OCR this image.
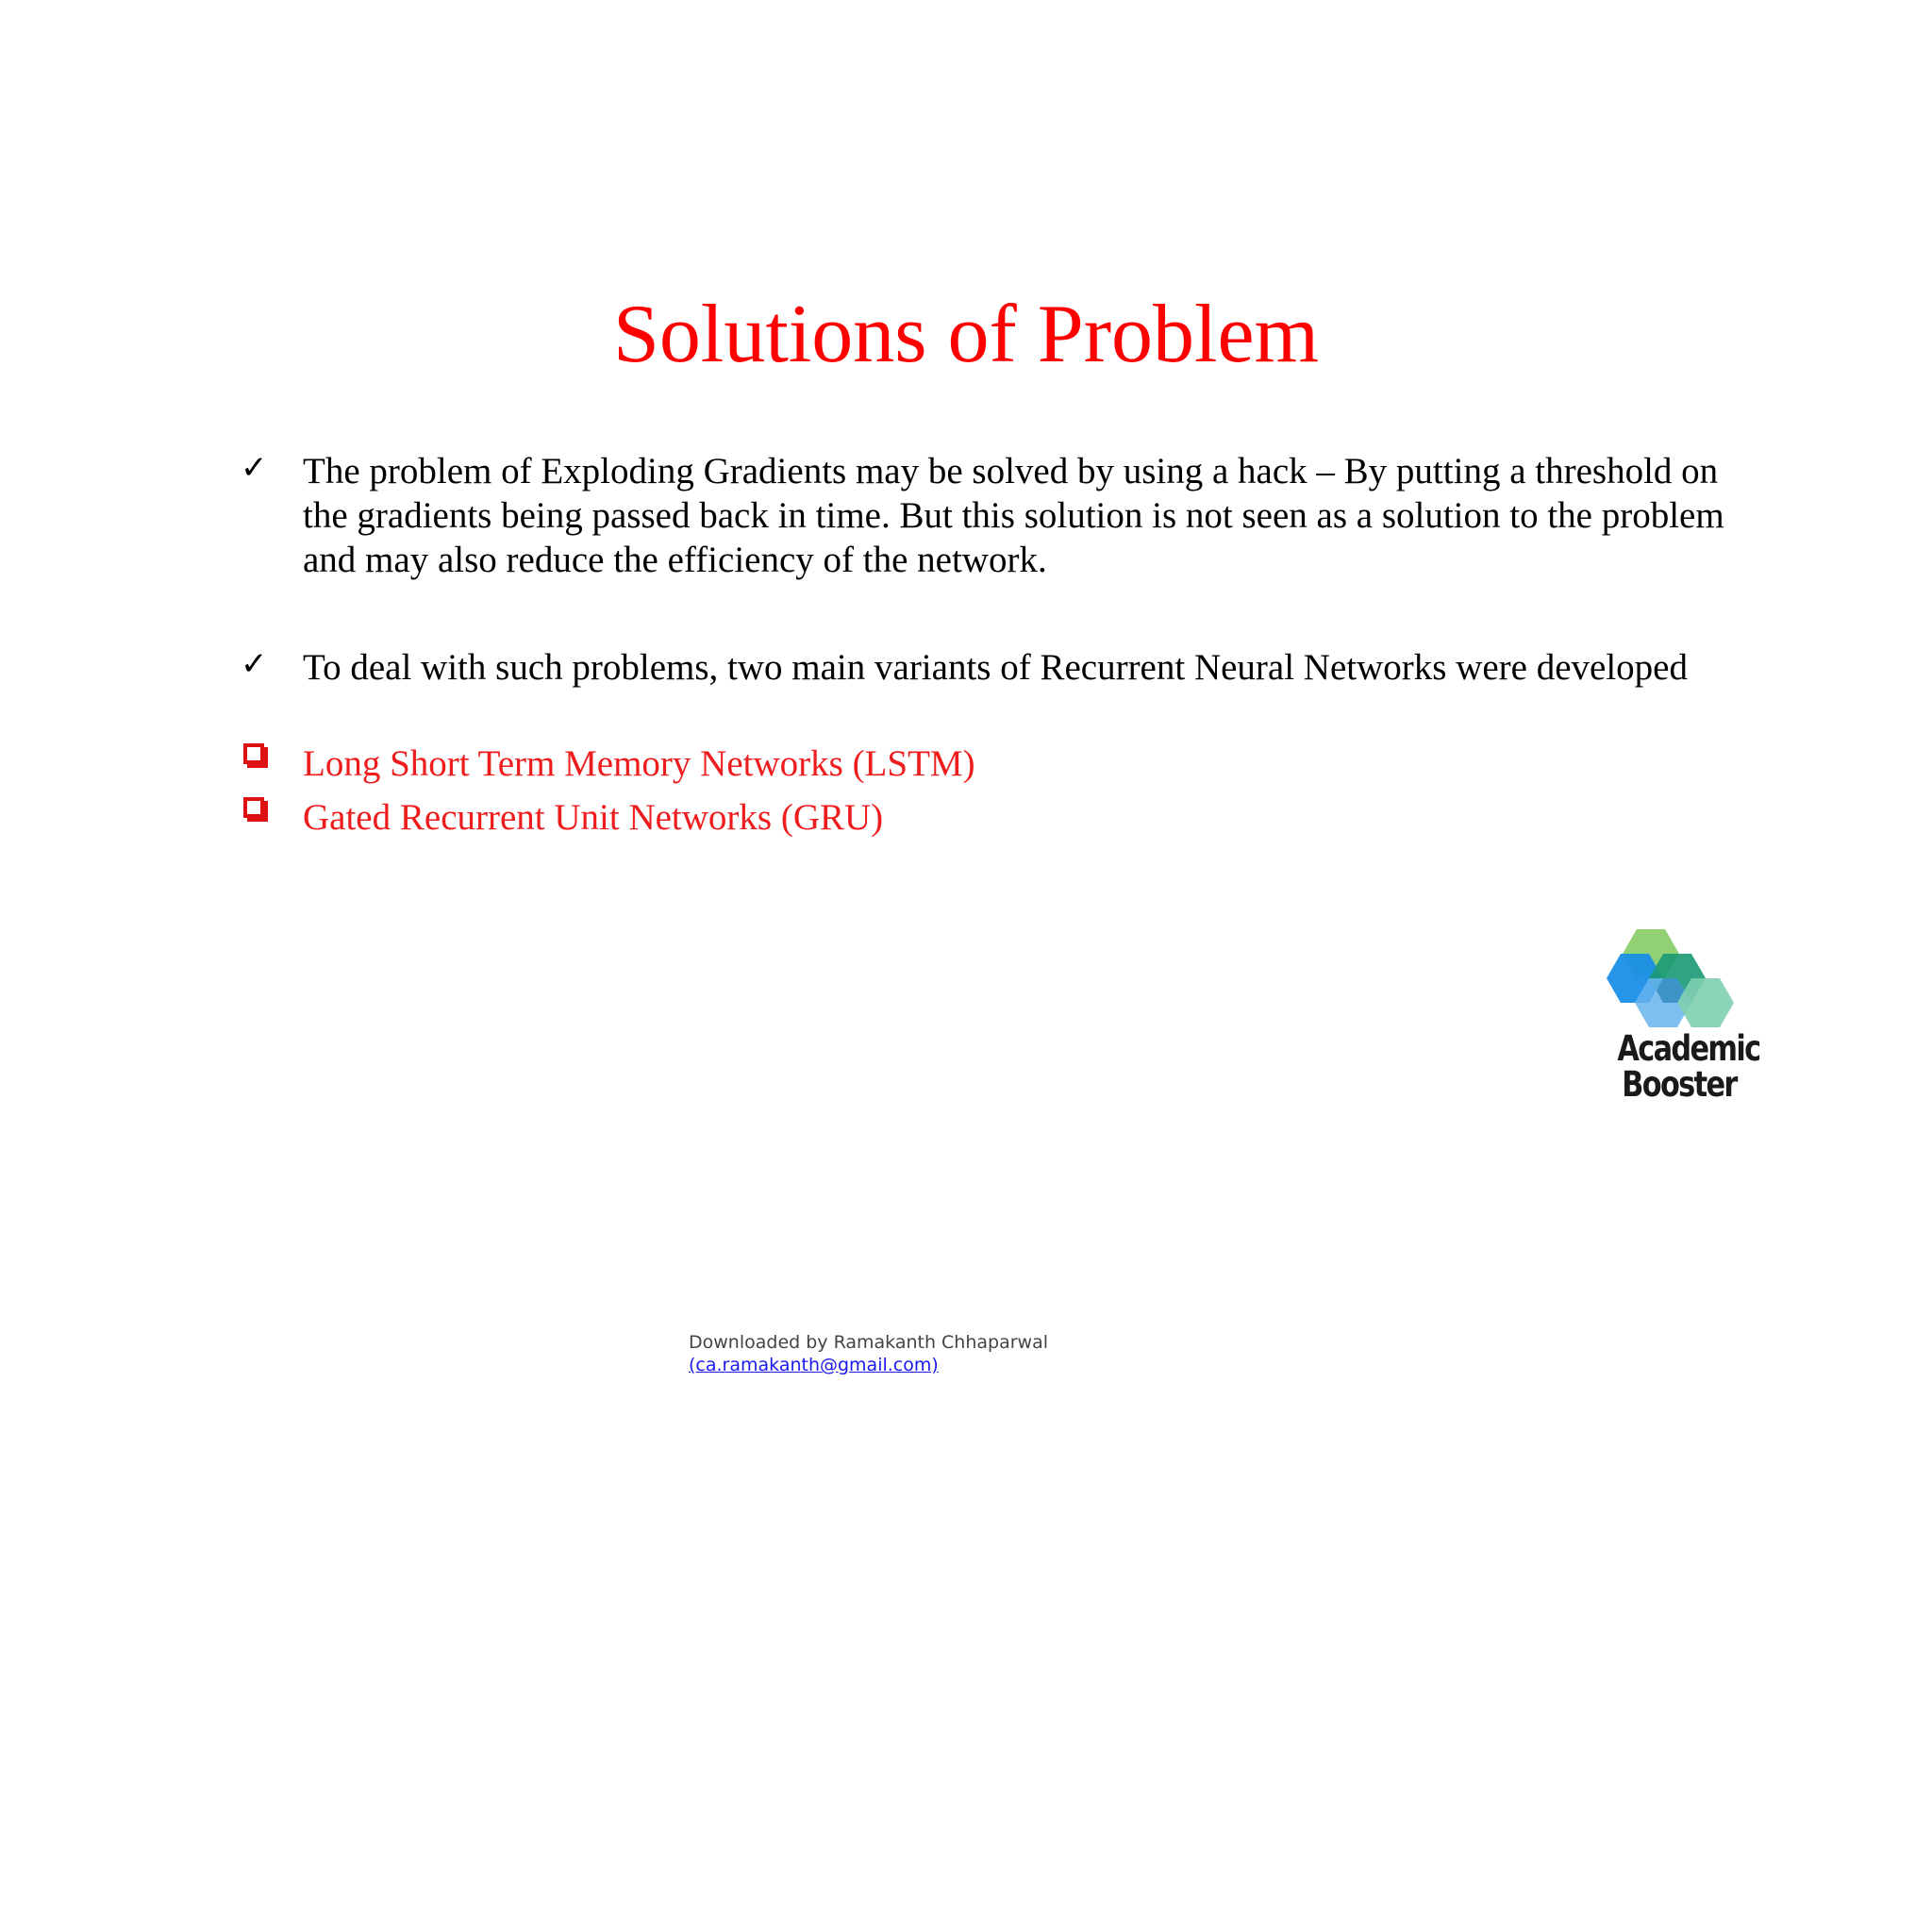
Solutions of Problem
✓ The problem of Exploding Gradients may be solved by using a hack – By putting a threshold on the gradients being passed back in time. But this solution is not seen as a solution to the problem and may also reduce the efficiency of the network.
✓ To deal with such problems, two main variants of Recurrent Neural Networks were developed
Long Short Term Memory Networks (LSTM)
Gated Recurrent Unit Networks (GRU)
Academic
Booster
Downloaded by Ramakanth Chhaparwal
(ca.ramakanth@gmail.com)
